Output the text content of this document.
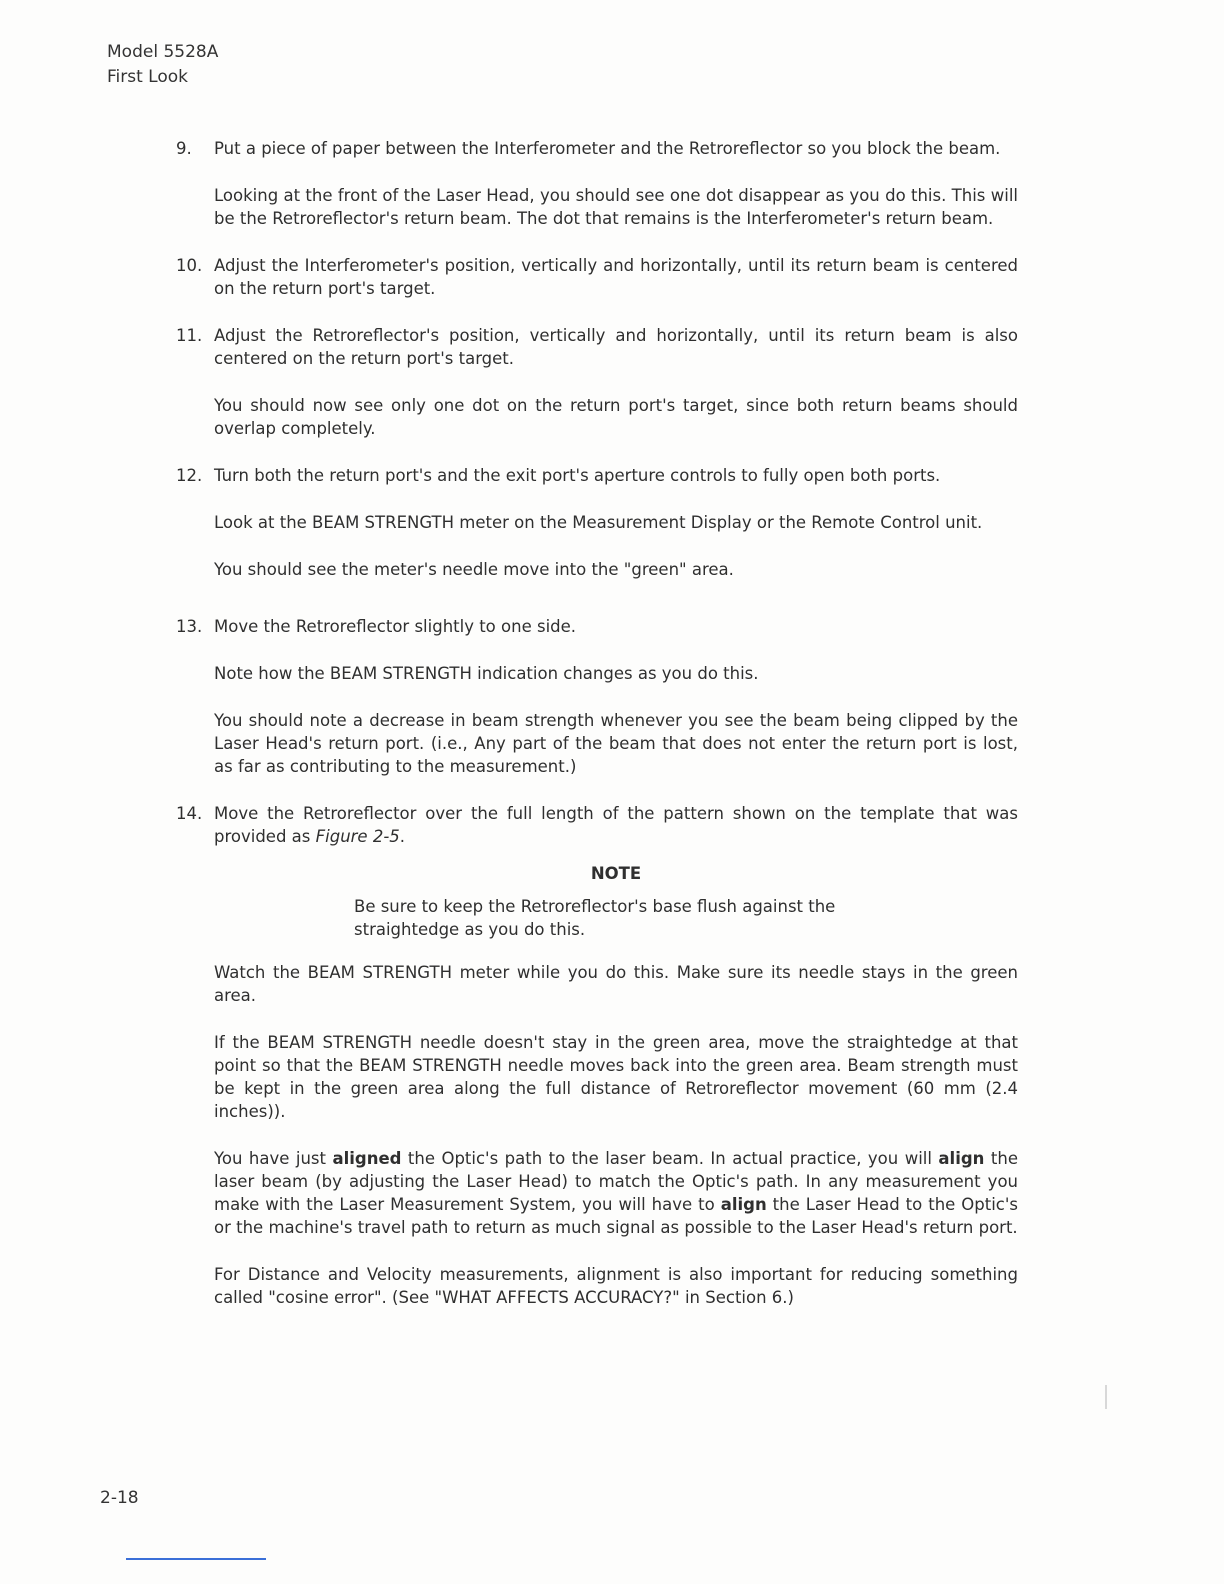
Model 5528A
First Look
9.	Put a piece of paper between the Interferometer and the Retroreflector so you block the beam.

Looking at the front of the Laser Head, you should see one dot disappear as you do this. This will be the Retroreflector's return beam. The dot that remains is the Interferometer's return beam.

10. Adjust the Interferometer's position, vertically and horizontally, until its return beam is centered on the return port's target.

11. Adjust the Retroreflector's position, vertically and horizontally, until its return beam is also centered on the return port's target.

You should now see only one dot on the return port's target, since both return beams should overlap completely.

12. Turn both the return port's and the exit port's aperture controls to fully open both ports.

Look at the BEAM STRENGTH meter on the Measurement Display or the Remote Control unit.

You should see the meter's needle move into the "green" area.

13. Move the Retroreflector slightly to one side.

Note how the BEAM STRENGTH indication changes as you do this.

You should note a decrease in beam strength whenever you see the beam being clipped by the Laser Head's return port. (i.e., Any part of the beam that does not enter the return port is lost, as far as contributing to the measurement.)

14. Move the Retroreflector over the full length of the pattern shown on the template that was provided as Figure 2-5.

NOTE

Be sure to keep the Retroreflector's base flush against the straightedge as you do this.

Watch the BEAM STRENGTH meter while you do this. Make sure its needle stays in the green area.

If the BEAM STRENGTH needle doesn't stay in the green area, move the straightedge at that point so that the BEAM STRENGTH needle moves back into the green area. Beam strength must be kept in the green area along the full distance of Retroreflector movement (60 mm (2.4 inches)).

You have just aligned the Optic's path to the laser beam. In actual practice, you will align the laser beam (by adjusting the Laser Head) to match the Optic's path. In any measurement you make with the Laser Measurement System, you will have to align the Laser Head to the Optic's or the machine's travel path to return as much signal as possible to the Laser Head's return port.

For Distance and Velocity measurements, alignment is also important for reducing something called "cosine error". (See "WHAT AFFECTS ACCURACY?" in Section 6.)

2-18
